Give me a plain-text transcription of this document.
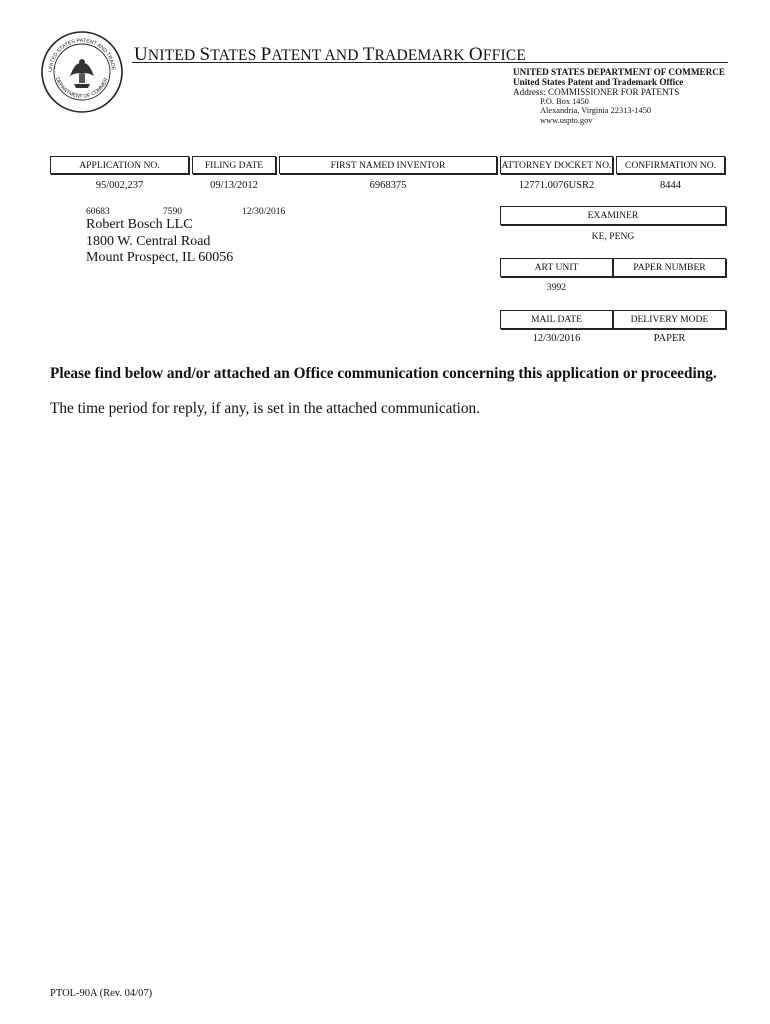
UNITED STATES PATENT AND TRADE
DEPARTMENT OF COMMER
UNITED STATES PATENT AND TRADEMARK OFFICE
UNITED STATES DEPARTMENT OF COMMERCE
United States Patent and Trademark Office
Address: COMMISSIONER FOR PATENTS
P.O. Box 1450
Alexandria, Virginia 22313-1450
www.uspto.gov
APPLICATION NO.	FILING DATE	FIRST NAMED INVENTOR	ATTORNEY DOCKET NO.	CONFIRMATION NO.
95/002,237	09/13/2012	6968375	12771.0076USR2	8444
60683	7590	12/30/2016
Robert Bosch LLC
1800 W. Central Road
Mount Prospect, IL 60056
EXAMINER
KE, PENG
ART UNIT	PAPER NUMBER
3992
MAIL DATE	DELIVERY MODE
12/30/2016	PAPER
Please find below and/or attached an Office communication concerning this application or proceeding.
The time period for reply, if any, is set in the attached communication.
PTOL-90A (Rev. 04/07)
